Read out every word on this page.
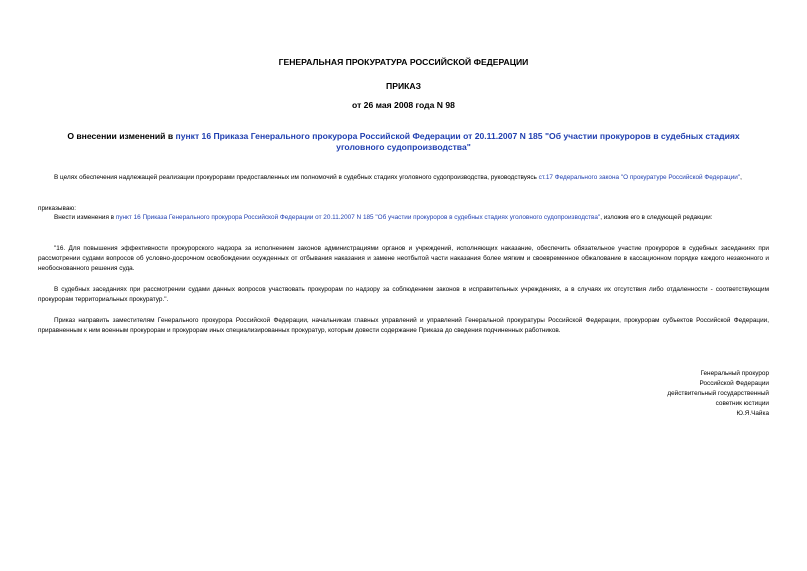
ГЕНЕРАЛЬНАЯ ПРОКУРАТУРА РОССИЙСКОЙ ФЕДЕРАЦИИ
ПРИКАЗ
от 26 мая 2008 года N 98
О внесении изменений в пункт 16 Приказа Генерального прокурора Российской Федерации от 20.11.2007 N 185 "Об участии прокуроров в судебных стадиях уголовного судопроизводства"
В целях обеспечения надлежащей реализации прокурорами предоставленных им полномочий в судебных стадиях уголовного судопроизводства, руководствуясь ст.17 Федерального закона "О прокуратуре Российской Федерации",
приказываю:
Внести изменения в пункт 16 Приказа Генерального прокурора Российской Федерации от 20.11.2007 N 185 "Об участии прокуроров в судебных стадиях уголовного судопроизводства", изложив его в следующей редакции:
"16. Для повышения эффективности прокурорского надзора за исполнением законов администрациями органов и учреждений, исполняющих наказание, обеспечить обязательное участие прокуроров в судебных заседаниях при рассмотрении судами вопросов об условно-досрочном освобождении осужденных от отбывания наказания и замене неотбытой части наказания более мягким и своевременное обжалование в кассационном порядке каждого незаконного и необоснованного решения суда.
В судебных заседаниях при рассмотрении судами данных вопросов участвовать прокурорам по надзору за соблюдением законов в исправительных учреждениях, а в случаях их отсутствия либо отдаленности - соответствующим прокурорам территориальных прокуратур.".
Приказ направить заместителям Генерального прокурора Российской Федерации, начальникам главных управлений и управлений Генеральной прокуратуры Российской Федерации, прокурорам субъектов Российской Федерации, приравненным к ним военным прокурорам и прокурорам иных специализированных прокуратур, которым довести содержание Приказа до сведения подчиненных работников.
Генеральный прокурор
Российской Федерации
действительный государственный
советник юстиции
Ю.Я.Чайка
